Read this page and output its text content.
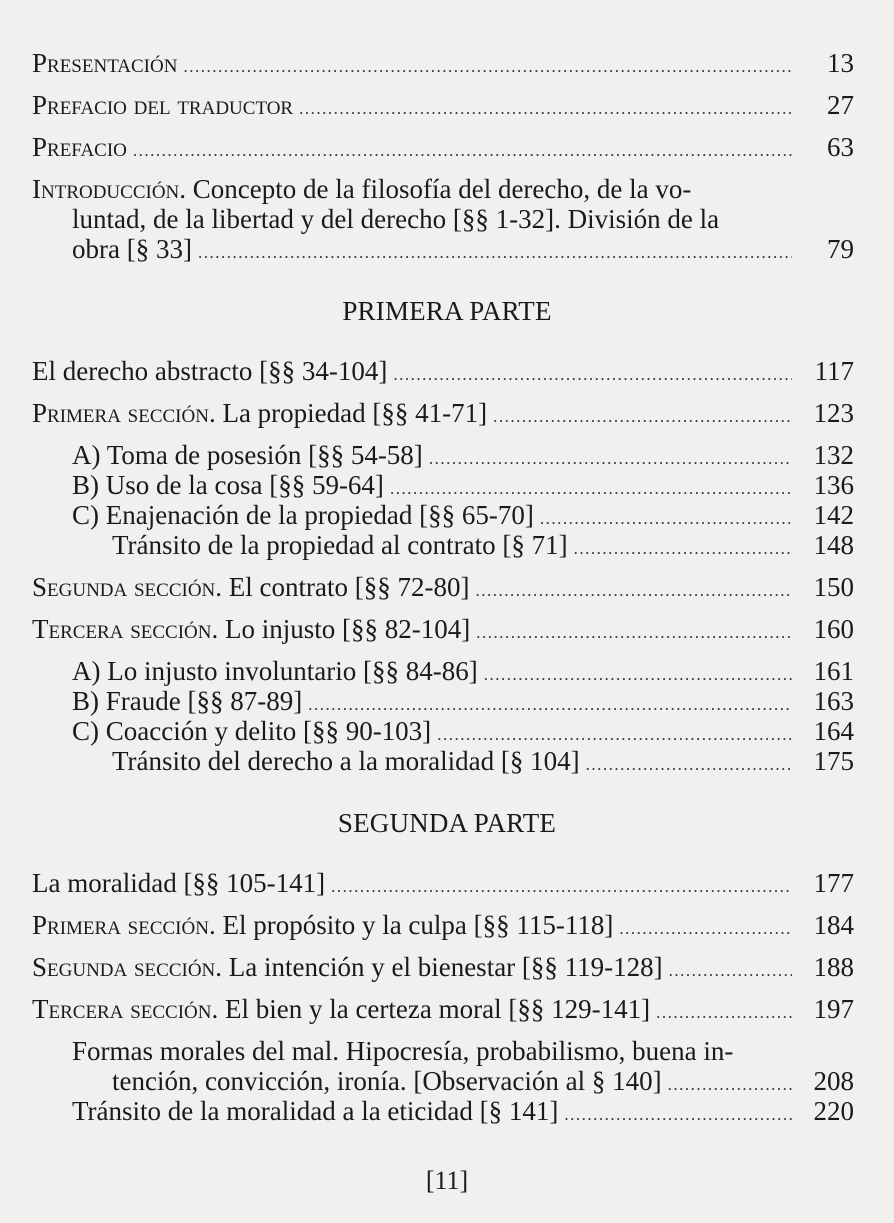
Presentación .....	13
Prefacio del traductor .....	27
Prefacio .....	63
Introducción. Concepto de la filosofía del derecho, de la vo-
luntad, de la libertad y del derecho [§§ 1-32]. División de la
obra [§ 33] .....	79
PRIMERA PARTE
El derecho abstracto [§§ 34-104] .....	117
Primera sección. La propiedad [§§ 41-71] .....	123
A) Toma de posesión [§§ 54-58] .....	132
B) Uso de la cosa [§§ 59-64] .....	136
C) Enajenación de la propiedad [§§ 65-70] .....	142
Tránsito de la propiedad al contrato [§ 71] .....	148
Segunda sección. El contrato [§§ 72-80] .....	150
Tercera sección. Lo injusto [§§ 82-104] .....	160
A) Lo injusto involuntario [§§ 84-86] .....	161
B) Fraude [§§ 87-89] .....	163
C) Coacción y delito [§§ 90-103] .....	164
Tránsito del derecho a la moralidad [§ 104] .....	175
SEGUNDA PARTE
La moralidad [§§ 105-141] .....	177
Primera sección. El propósito y la culpa [§§ 115-118] .....	184
Segunda sección. La intención y el bienestar [§§ 119-128] .....	188
Tercera sección. El bien y la certeza moral [§§ 129-141] .....	197
Formas morales del mal. Hipocresía, probabilismo, buena in-
tención, convicción, ironía. [Observación al § 140] .....	208
Tránsito de la moralidad a la eticidad [§ 141] .....	220
[11]
